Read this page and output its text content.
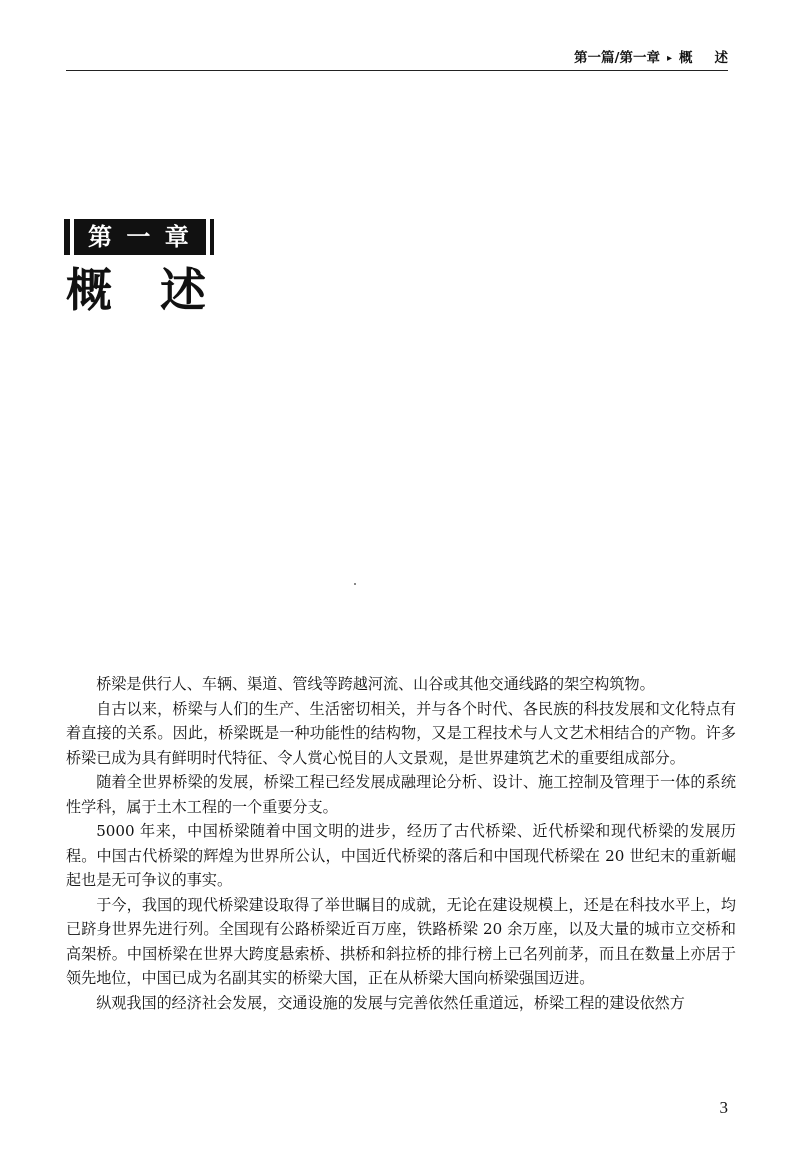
第一篇/第一章 ▸ 概述
第 一 章
概述

桥梁是供行人、车辆、渠道、管线等跨越河流、山谷或其他交通线路的架空构筑物。

自古以来，桥梁与人们的生产、生活密切相关，并与各个时代、各民族的科技发展和文化特点有着直接的关系。因此，桥梁既是一种功能性的结构物，又是工程技术与人文艺术相结合的产物。许多桥梁已成为具有鲜明时代特征、令人赏心悦目的人文景观，是世界建筑艺术的重要组成部分。

随着全世界桥梁的发展，桥梁工程已经发展成融理论分析、设计、施工控制及管理于一体的系统性学科，属于土木工程的一个重要分支。

5000 年来，中国桥梁随着中国文明的进步，经历了古代桥梁、近代桥梁和现代桥梁的发展历程。中国古代桥梁的辉煌为世界所公认，中国近代桥梁的落后和中国现代桥梁在 20 世纪末的重新崛起也是无可争议的事实。

于今，我国的现代桥梁建设取得了举世瞩目的成就，无论在建设规模上，还是在科技水平上，均已跻身世界先进行列。全国现有公路桥梁近百万座，铁路桥梁 20 余万座，以及大量的城市立交桥和高架桥。中国桥梁在世界大跨度悬索桥、拱桥和斜拉桥的排行榜上已名列前茅，而且在数量上亦居于领先地位，中国已成为名副其实的桥梁大国，正在从桥梁大国向桥梁强国迈进。

纵观我国的经济社会发展，交通设施的发展与完善依然任重道远，桥梁工程的建设依然方

3
